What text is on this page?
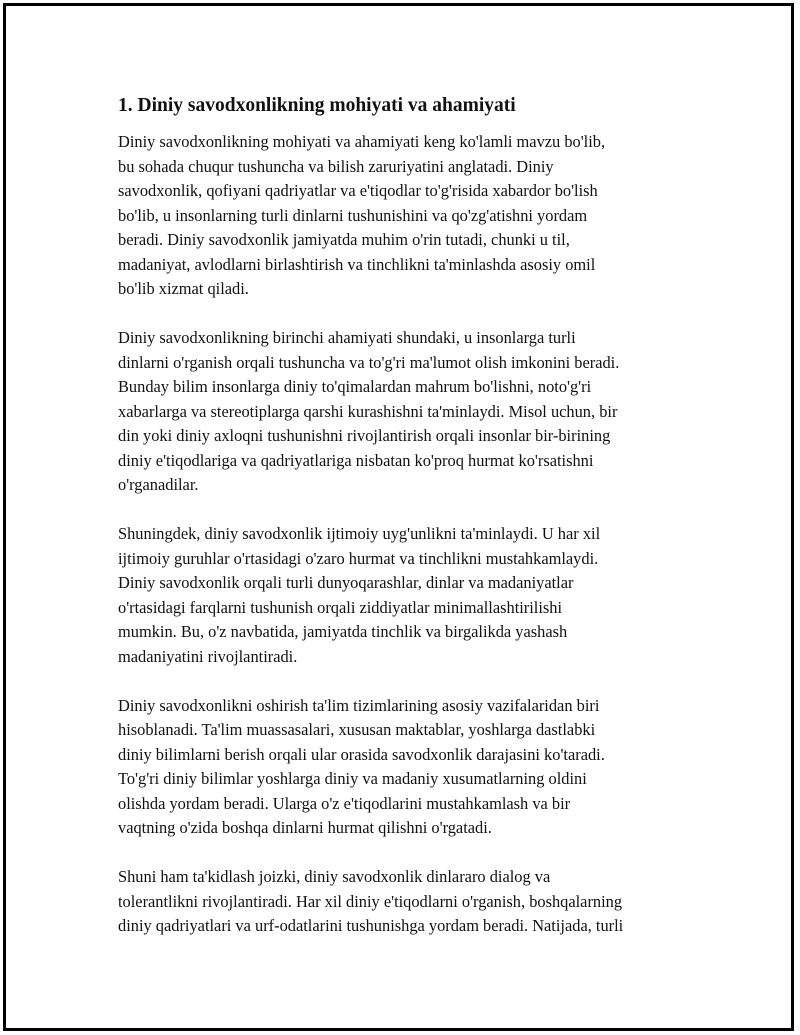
1. Diniy savodxonlikning mohiyati va ahamiyati

Diniy savodxonlikning mohiyati va ahamiyati keng ko'lamli mavzu bo'lib,
bu sohada chuqur tushuncha va bilish zaruriyatini anglatadi. Diniy
savodxonlik, qofiyani qadriyatlar va e'tiqodlar to'g'risida xabardor bo'lish
bo'lib, u insonlarning turli dinlarni tushunishini va qo'zg'atishni yordam
beradi. Diniy savodxonlik jamiyatda muhim o'rin tutadi, chunki u til,
madaniyat, avlodlarni birlashtirish va tinchlikni ta'minlashda asosiy omil
bo'lib xizmat qiladi.

Diniy savodxonlikning birinchi ahamiyati shundaki, u insonlarga turli
dinlarni o'rganish orqali tushuncha va to'g'ri ma'lumot olish imkonini beradi.
Bunday bilim insonlarga diniy to'qimalardan mahrum bo'lishni, noto'g'ri
xabarlarga va stereotiplarga qarshi kurashishni ta'minlaydi. Misol uchun, bir
din yoki diniy axloqni tushunishni rivojlantirish orqali insonlar bir-birining
diniy e'tiqodlariga va qadriyatlariga nisbatan ko'proq hurmat ko'rsatishni
o'rganadilar.

Shuningdek, diniy savodxonlik ijtimoiy uyg'unlikni ta'minlaydi. U har xil
ijtimoiy guruhlar o'rtasidagi o'zaro hurmat va tinchlikni mustahkamlaydi.
Diniy savodxonlik orqali turli dunyoqarashlar, dinlar va madaniyatlar
o'rtasidagi farqlarni tushunish orqali ziddiyatlar minimallashtirilishi
mumkin. Bu, o'z navbatida, jamiyatda tinchlik va birgalikda yashash
madaniyatini rivojlantiradi.

Diniy savodxonlikni oshirish ta'lim tizimlarining asosiy vazifalaridan biri
hisoblanadi. Ta'lim muassasalari, xususan maktablar, yoshlarga dastlabki
diniy bilimlarni berish orqali ular orasida savodxonlik darajasini ko'taradi.
To'g'ri diniy bilimlar yoshlarga diniy va madaniy xusumatlarning oldini
olishda yordam beradi. Ularga o'z e'tiqodlarini mustahkamlash va bir
vaqtning o'zida boshqa dinlarni hurmat qilishni o'rgatadi.

Shuni ham ta'kidlash joizki, diniy savodxonlik dinlararo dialog va
tolerantlikni rivojlantiradi. Har xil diniy e'tiqodlarni o'rganish, boshqalarning
diniy qadriyatlari va urf-odatlarini tushunishga yordam beradi. Natijada, turli
